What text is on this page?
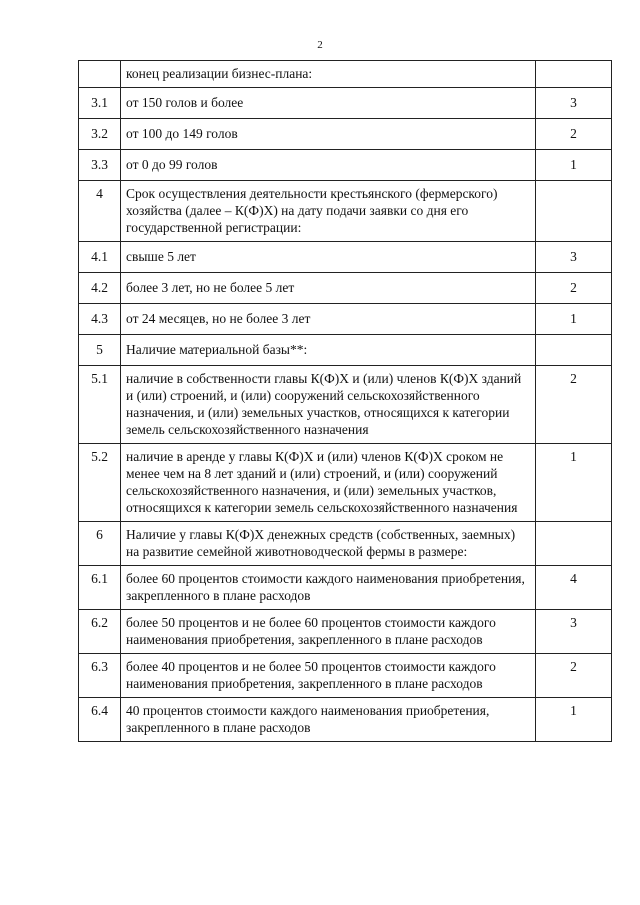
2
	конец реализации бизнес-плана:	
3.1	от 150 голов и более	3
3.2	от 100 до 149 голов	2
3.3	от 0 до 99 голов	1
4	Срок осуществления деятельности крестьянского (фермерского) хозяйства (далее – К(Ф)Х) на дату подачи заявки со дня его государственной регистрации:	
4.1	свыше 5 лет	3
4.2	более 3 лет, но не более 5 лет	2
4.3	от 24 месяцев, но не более 3 лет	1
5	Наличие материальной базы**:	
5.1	наличие в собственности главы К(Ф)Х и (или) членов К(Ф)Х зданий и (или) строений, и (или) сооружений сельскохозяйственного назначения, и (или) земельных участков, относящихся к категории земель сельскохозяйственного назначения	2
5.2	наличие в аренде у главы К(Ф)Х и (или) членов К(Ф)Х сроком не менее чем на 8 лет зданий и (или) строений, и (или) сооружений сельскохозяйственного назначения, и (или) земельных участков, относящихся к категории земель сельскохозяйственного назначения	1
6	Наличие у главы К(Ф)Х денежных средств (собственных, заемных) на развитие семейной животноводческой фермы в размере:	
6.1	более 60 процентов стоимости каждого наименования приобретения, закрепленного в плане расходов	4
6.2	более 50 процентов и не более 60 процентов стоимости каждого наименования приобретения, закрепленного в плане расходов	3
6.3	более 40 процентов и не более 50 процентов стоимости каждого наименования приобретения, закрепленного в плане расходов	2
6.4	40 процентов стоимости каждого наименования приобретения, закрепленного в плане расходов	1
